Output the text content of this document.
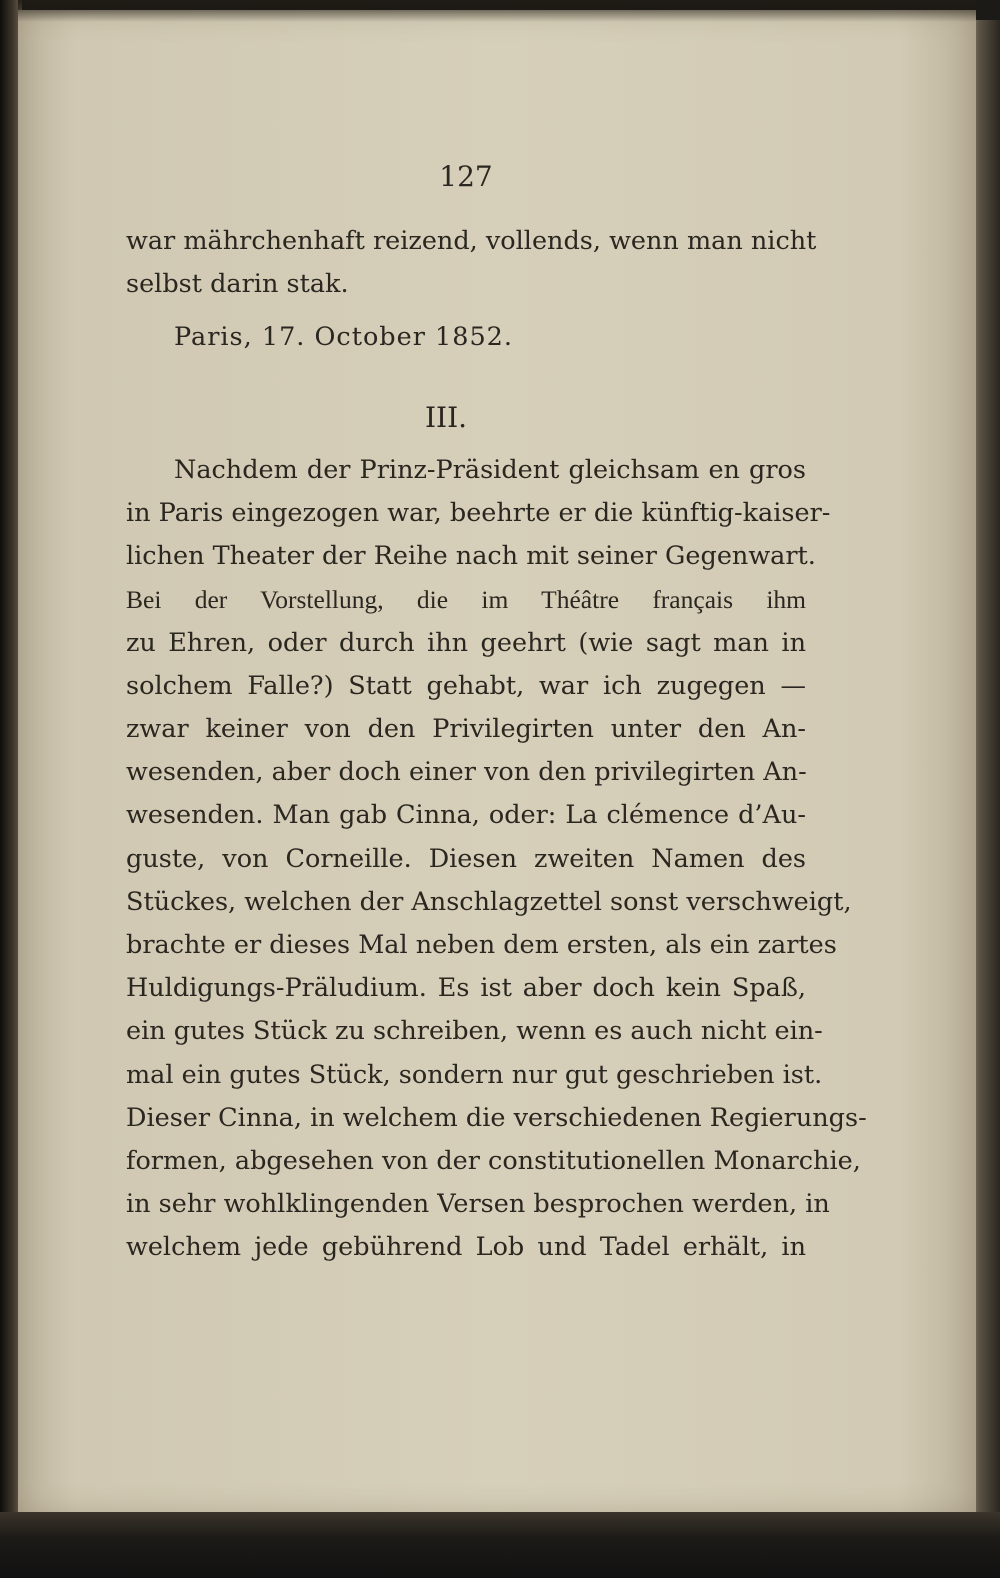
127
war mährchenhaft reizend, vollends, wenn man nicht
selbst darin stak.
Paris, 17. October 1852.
III.
Nachdem der Prinz-Präsident gleichsam en gros
in Paris eingezogen war, beehrte er die künftig-kaiser-
lichen Theater der Reihe nach mit seiner Gegenwart.
Bei der Vorstellung, die im Théâtre français ihm
zu Ehren, oder durch ihn geehrt (wie sagt man in
solchem Falle?) Statt gehabt, war ich zugegen —
zwar keiner von den Privilegirten unter den An-
wesenden, aber doch einer von den privilegirten An-
wesenden. Man gab Cinna, oder: La clémence d’Au-
guste, von Corneille. Diesen zweiten Namen des
Stückes, welchen der Anschlagzettel sonst verschweigt,
brachte er dieses Mal neben dem ersten, als ein zartes
Huldigungs-Präludium. Es ist aber doch kein Spaß,
ein gutes Stück zu schreiben, wenn es auch nicht ein-
mal ein gutes Stück, sondern nur gut geschrieben ist.
Dieser Cinna, in welchem die verschiedenen Regierungs-
formen, abgesehen von der constitutionellen Monarchie,
in sehr wohlklingenden Versen besprochen werden, in
welchem jede gebührend Lob und Tadel erhält, in
